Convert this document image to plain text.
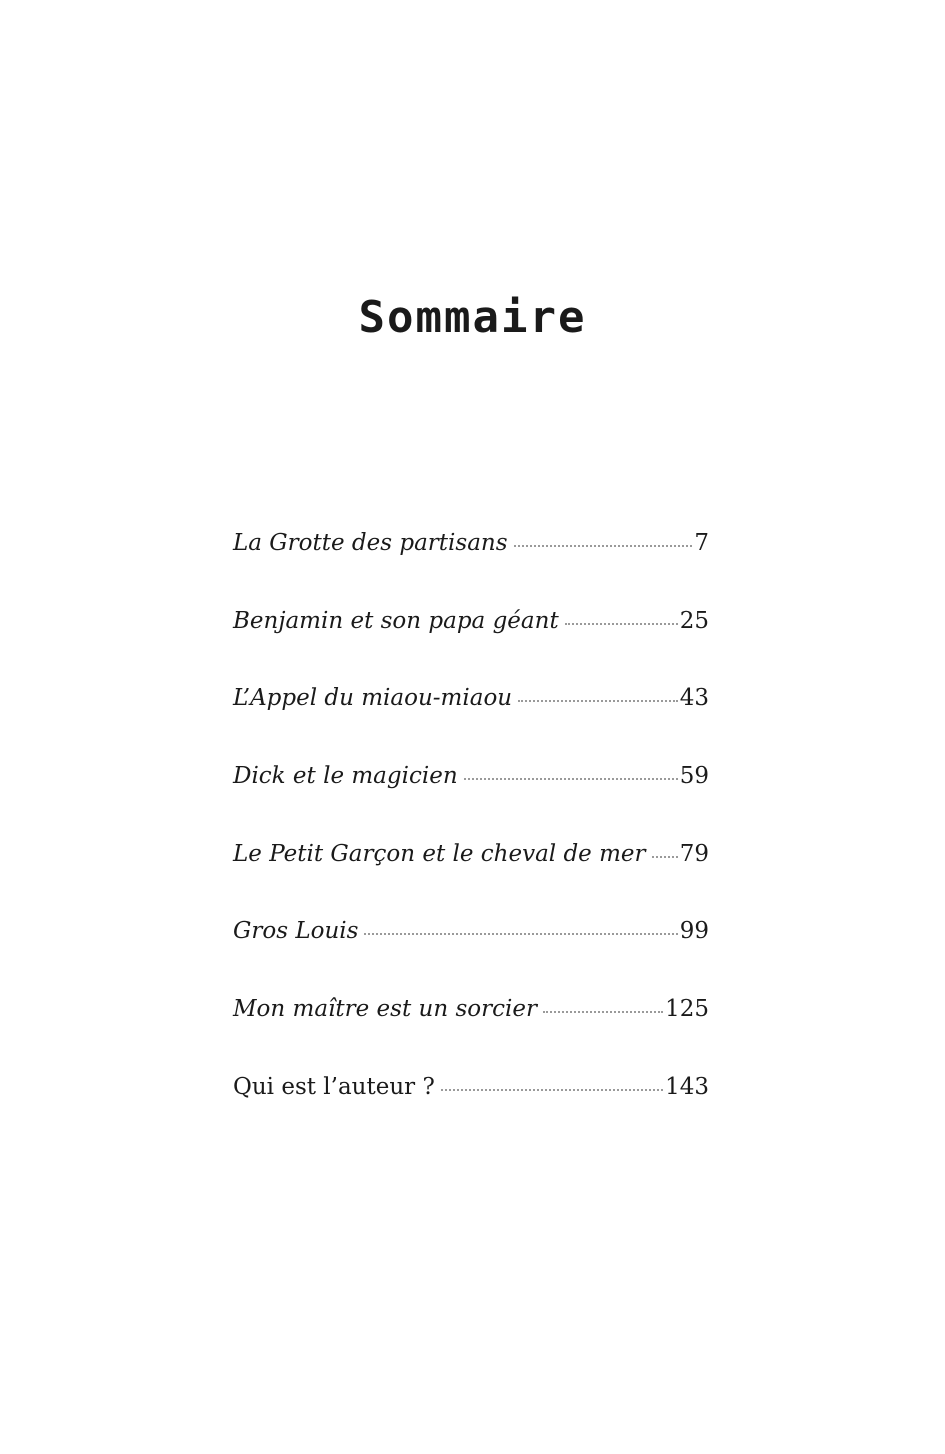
Sommaire
La Grotte des partisans	7
Benjamin et son papa géant	25
L’Appel du miaou-miaou	43
Dick et le magicien	59
Le Petit Garçon et le cheval de mer 79
Gros Louis	99
Mon maître est un sorcier	125
Qui est l’auteur ?	143
